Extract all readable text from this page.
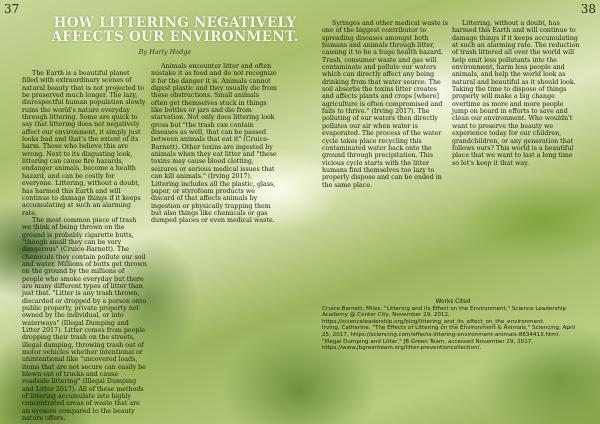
37	38
HOW LITTERING NEGATIVELY
AFFECTS OUR ENVIRONMENT.
By Harly Hodge

The Earth is a beautiful planet filled with extraordinary scenes of natural beauty that is not projected to be preserved much longer. The lazy, disrespectful human population slowly ruins the world's nature everyday through littering. Some are quick to say that littering does not negatively affect our environment, it simply just looks bad and that's the extent of its harm. Those who believe this are wrong. Next to its disgusting look, littering can cause fire hazards, endanger animals, become a health hazard, and can be costly for everyone. Littering, without a doubt, has harmed this Earth and will continue to damage things if it keeps accumulating at such an alarming rate.

The most common piece of trash we think of being thrown on the ground is probably cigarette butts, "though small they can be very dangerous" (Cruice-Barnett). The chemicals they contain pollute our soil and water. Millions of butts get thrown on the ground by the millions of people who smoke everyday but there are many different types of litter than just that. "Litter is any trash thrown, discarded or dropped by a person onto public property, private property not owned by the individual, or into waterways" (Illegal Dumping and Litter 2017). Litter comes from people dropping their trash on the streets, illegal dumping, throwing trash out of motor vehicles whether intentional or unintentional like "uncovered loads, items that are not secure can easily be blown out of trucks and cause roadside littering" (Illegal Dumping and Litter 2017). All of these methods of littering accumulate into highly concentrated areas of waste that are an eyesore compared to the beauty nature offers.

Animals encounter litter and often mistake it as food and do not recognize it for the danger it is. Animals cannot digest plastic and they usually die from these obstructions. Small animals often get themselves stuck in things like bottles or jars and die from starvation. Not only does littering look gross but "the trash can contain diseases as well, that can be passed between animals that eat it" (Cruice-Barnett). Other toxins are ingested by animals when they eat litter and "these toxins may cause blood clotting, seizures or serious medical issues that can kill animals." (Irving 2017). Littering includes all the plastic, glass, paper, or styrofoam products we discard of that affects animals by ingestion or physically trapping them but also things like chemicals or gas dumped places or even medical waste.

Syringes and other medical waste is one of the biggest contributor to spreading diseases amongst both humans and animals through litter, causing it to be a huge health hazard. Trash, consumer waste and gas will contaminate and pollute our waters which can directly affect any being drinking from that water source. The soil absorbs the toxins litter creates and affects plants and crops [where] agriculture is often compromised and fails to thrive." (Irving 2017). The polluting of our waters then directly pollutes our air when water is evaporated. The process of the water cycle takes place recycling this contaminated water back onto the ground through precipitation. This vicious cycle starts with the litter humans find themselves too lazy to properly dispose and can be ended in the same place.

Littering, without a doubt, has harmed this Earth and will continue to damage things if it keeps accumulating at such an alarming rate. The reduction of trash littered all over the world will help emit less pollutants into the environment, harm less people and animals, and help the world look as natural and beautiful as it should look. Taking the time to dispose of things properly will make a big change overtime as more and more people jump on board in efforts to save and clean our environment. Who wouldn't want to preserve the beauty we experience today for our children, grandchildren, or any generation that follows ours? This world is a beautiful place that we want to last a long time so let's keep it that way.

Works Cited

Cruice-Barnett, Miles. "Littering and its Effect on the Environment," Science Leadership Academy @ Center City, November 29, 2012, https://scienceleadership.org/blog/littering_and_its_effect_on_the_environment.

Irving, Catherine. "The Effects of Littering on the Environment & Animals," Sciencing, April 25, 2017, https://sciencing.com/effects-littering-environment-animals-8634413.html.

"Illegal Dumping and Litter," JB Green Team, accessed November 29, 2017, https://www.jbgreenteam.org/litter-preventioncollection/.
